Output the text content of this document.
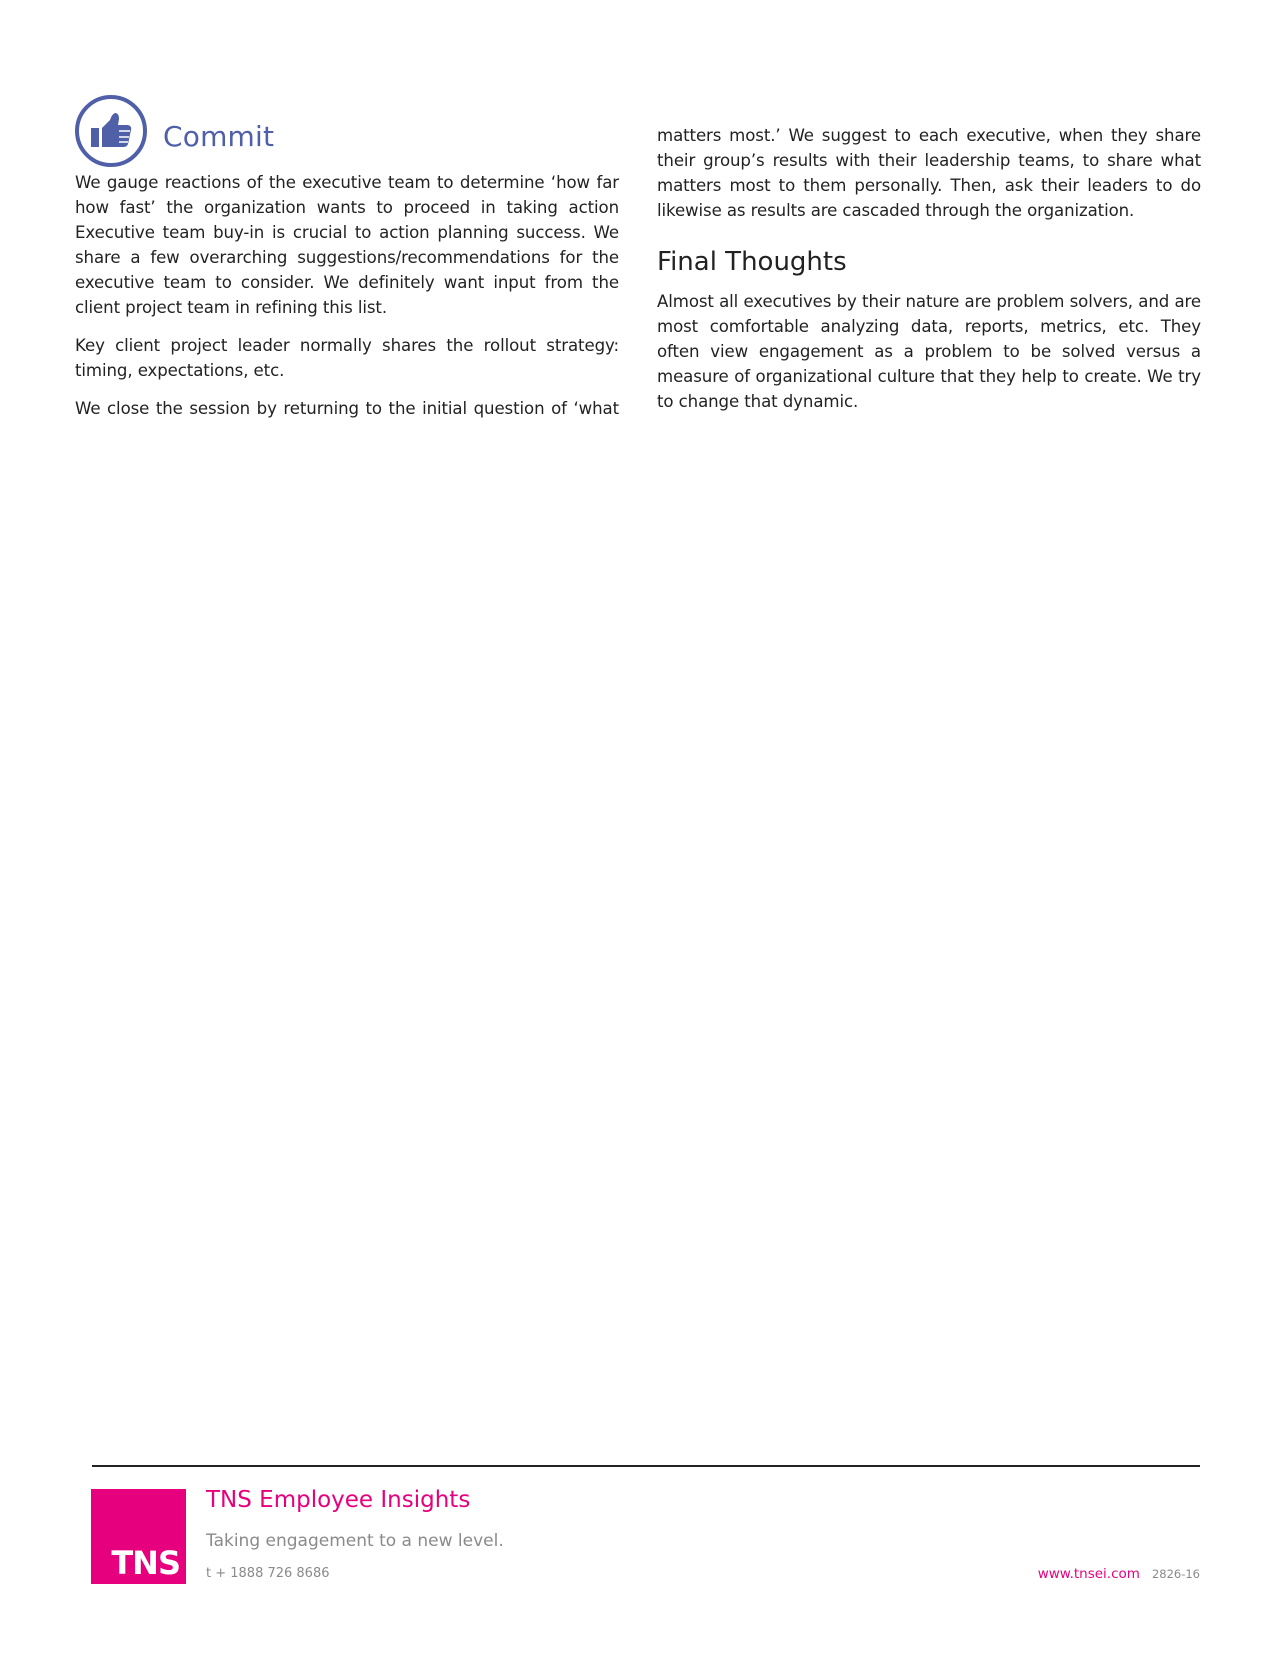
Commit

We gauge reactions of the executive team to determine ‘how far how fast’ the organization wants to proceed in taking action Executive team buy-in is crucial to action planning success. We share a few overarching suggestions/recommendations for the executive team to consider. We definitely want input from the client project team in refining this list.

Key client project leader normally shares the rollout strategy: timing, expectations, etc.

We close the session by returning to the initial question of ‘what

matters most.’ We suggest to each executive, when they share their group’s results with their leadership teams, to share what matters most to them personally. Then, ask their leaders to do likewise as results are cascaded through the organization.

Final Thoughts

Almost all executives by their nature are problem solvers, and are most comfortable analyzing data, reports, metrics, etc. They often view engagement as a problem to be solved versus a measure of organizational culture that they help to create. We try to change that dynamic.

TNS
TNS Employee Insights
Taking engagement to a new level.
t + 1888 726 8686	www.tnsei.com 2826-16
